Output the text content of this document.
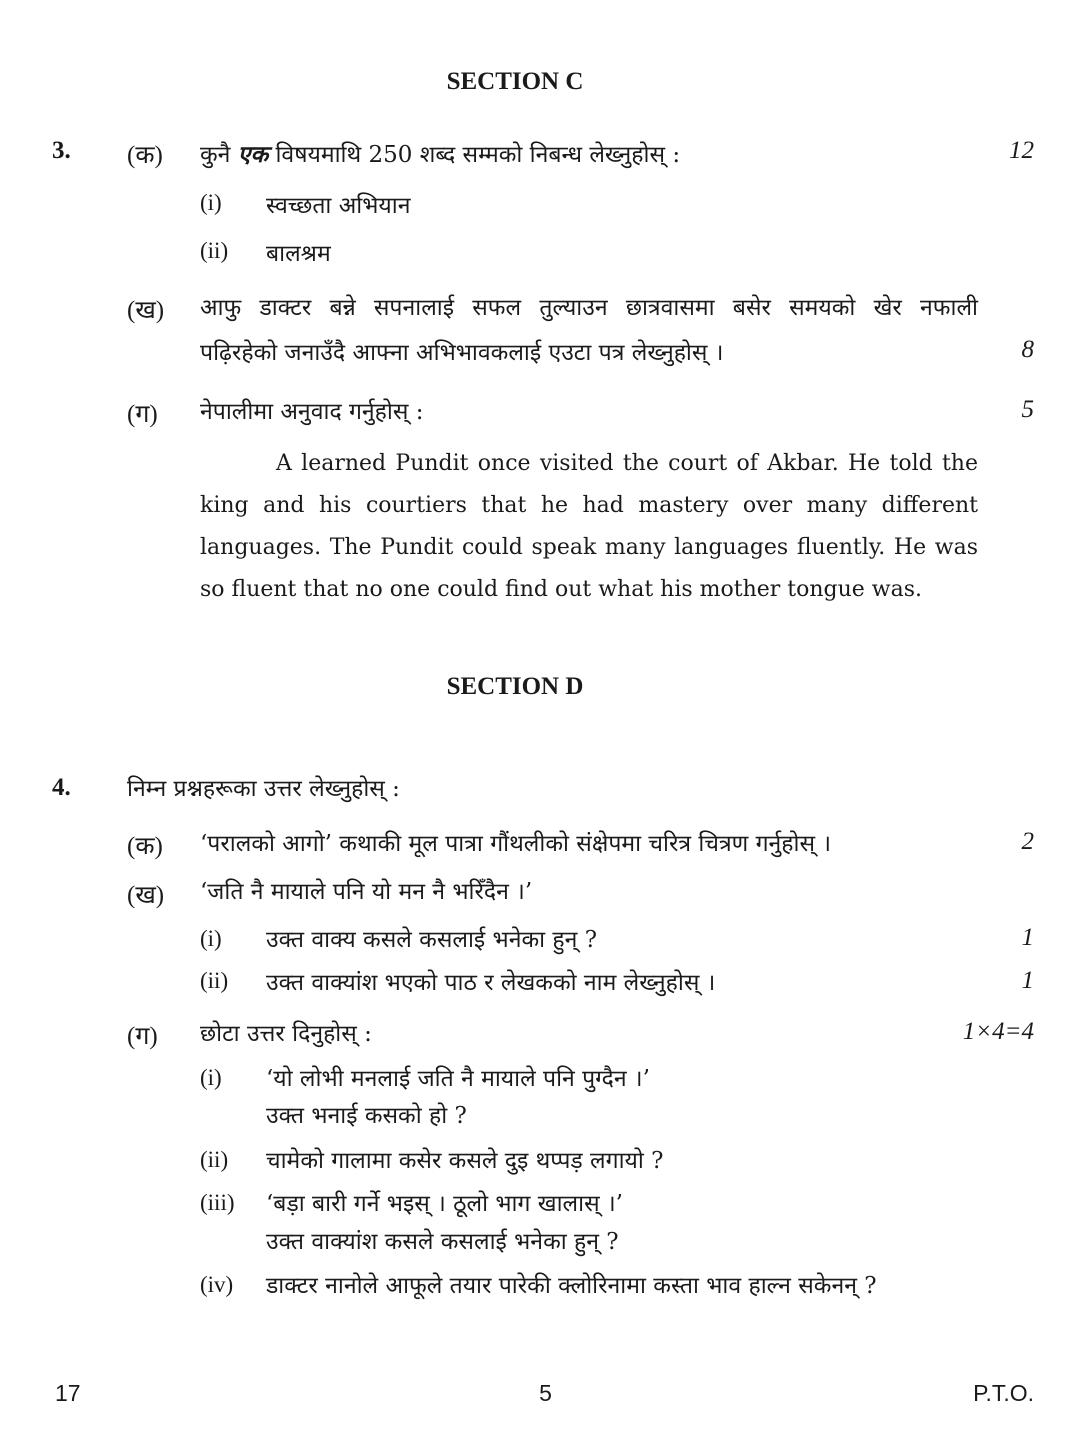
SECTION C
3. (क) कुनै एक विषयमाथि 250 शब्द सम्मको निबन्ध लेख्नुहोस् :	12
(i) स्वच्छता अभियान
(ii) बालश्रम
(ख) आफु डाक्टर बन्ने सपनालाई सफल तुल्याउन छात्रवासमा बसेर समयको खेर नफाली
पढ़िरहेको जनाउँदै आफ्ना अभिभावकलाई एउटा पत्र लेख्नुहोस् ।	8
(ग) नेपालीमा अनुवाद गर्नुहोस् :	5
A learned Pundit once visited the court of Akbar. He told the king and his courtiers that he had mastery over many different languages. The Pundit could speak many languages fluently. He was so fluent that no one could find out what his mother tongue was.
SECTION D
4. निम्न प्रश्नहरूका उत्तर लेख्नुहोस् :
(क) ‘परालको आगो’ कथाकी मूल पात्रा गौंथलीको संक्षेपमा चरित्र चित्रण गर्नुहोस् ।	2
(ख) ‘जति नै मायाले पनि यो मन नै भरिँदैन ।’
(i) उक्त वाक्य कसले कसलाई भनेका हुन् ?	1
(ii) उक्त वाक्यांश भएको पाठ र लेखकको नाम लेख्नुहोस् ।	1
(ग) छोटा उत्तर दिनुहोस् :	1×4=4
(i) ‘यो लोभी मनलाई जति नै मायाले पनि पुग्दैन ।’
उक्त भनाई कसको हो ?
(ii) चामेको गालामा कसेर कसले दुइ थप्पड़ लगायो ?
(iii) ‘बड़ा बारी गर्ने भइस् । ठूलो भाग खालास् ।’
उक्त वाक्यांश कसले कसलाई भनेका हुन् ?
(iv) डाक्टर नानोले आफूले तयार पारेकी क्लोरिनामा कस्ता भाव हाल्न सकेनन् ?
17	5	P.T.O.
